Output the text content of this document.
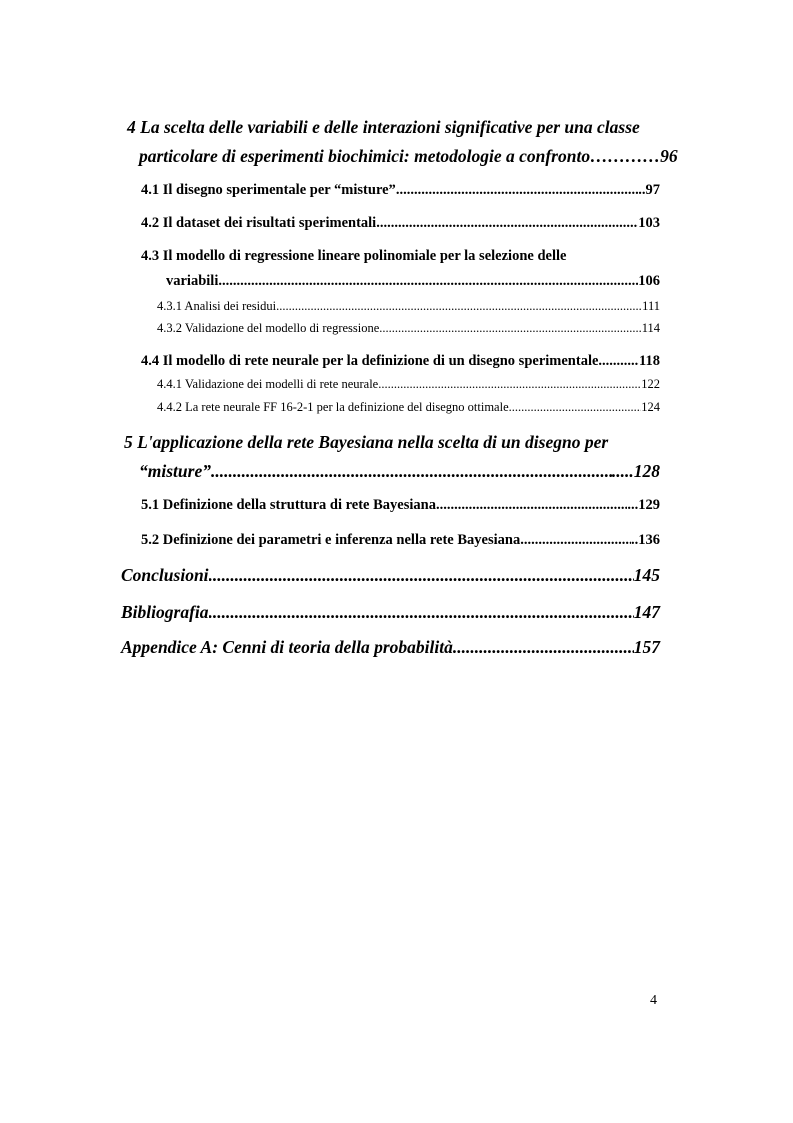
4 La scelta delle variabili e delle interazioni significative per una classe
particolare di esperimenti biochimici: metodologie a confronto ………… 96
4.1 Il disegno sperimentale per “misture” .....	..97
4.2 Il dataset dei risultati sperimentali .....	103
4.3 Il modello di regressione lineare polinomiale per la selezione delle
variabili .....	106
4.3.1 Analisi dei residui .....	111
4.3.2 Validazione del modello di regressione .....	114
4.4 Il modello di rete neurale per la definizione di un disegno sperimentale .....	118
4.4.1 Validazione dei modelli di rete neurale .....	122
4.4.2 La rete neurale FF 16-2-1 per la definizione del disegno ottimale .....	124
5 L'applicazione della rete Bayesiana nella scelta di un disegno per
“misture” .....	.....128
5.1 Definizione della struttura di rete Bayesiana .....	...129
5.2 Definizione dei parametri e inferenza nella rete Bayesiana .....	..136
Conclusioni .....	145
Bibliografia .....	147
Appendice A: Cenni di teoria della probabilità .....	157
4
